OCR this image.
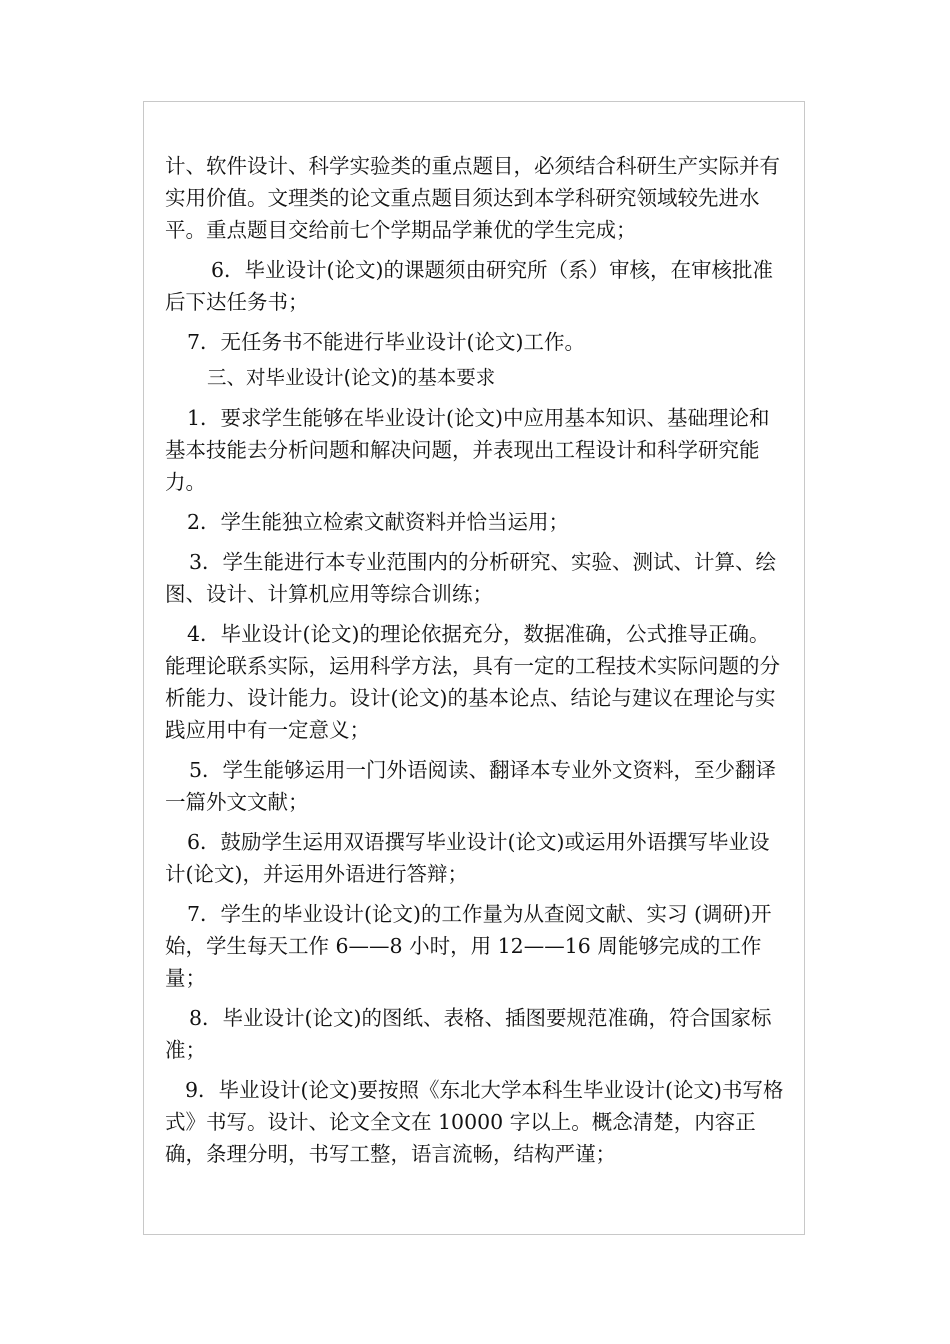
计、软件设计、科学实验类的重点题目，必须结合科研生产实际并有实用价值。文理类的论文重点题目须达到本学科研究领域较先进水平。重点题目交给前七个学期品学兼优的学生完成；

6．毕业设计(论文)的课题须由研究所（系）审核，在审核批准后下达任务书；

7．无任务书不能进行毕业设计(论文)工作。

三、对毕业设计(论文)的基本要求

1．要求学生能够在毕业设计(论文)中应用基本知识、基础理论和基本技能去分析问题和解决问题，并表现出工程设计和科学研究能力。

2．学生能独立检索文献资料并恰当运用；

3．学生能进行本专业范围内的分析研究、实验、测试、计算、绘图、设计、计算机应用等综合训练；

4．毕业设计(论文)的理论依据充分，数据准确，公式推导正确。能理论联系实际，运用科学方法，具有一定的工程技术实际问题的分析能力、设计能力。设计(论文)的基本论点、结论与建议在理论与实践应用中有一定意义；

5．学生能够运用一门外语阅读、翻译本专业外文资料，至少翻译一篇外文文献；

6．鼓励学生运用双语撰写毕业设计(论文)或运用外语撰写毕业设计(论文)，并运用外语进行答辩；

7．学生的毕业设计(论文)的工作量为从查阅文献、实习 (调研)开始，学生每天工作 6——8 小时，用 12——16 周能够完成的工作量；

8．毕业设计(论文)的图纸、表格、插图要规范准确，符合国家标准；

9．毕业设计(论文)要按照《东北大学本科生毕业设计(论文)书写格式》书写。设计、论文全文在 10000 字以上。概念清楚，内容正确，条理分明，书写工整，语言流畅，结构严谨；
